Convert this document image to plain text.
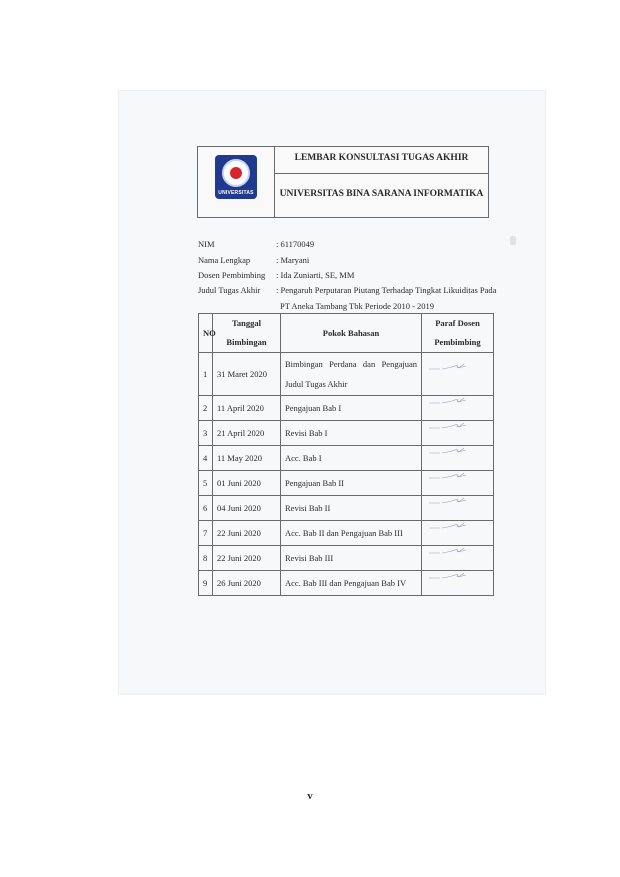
UNIVERSITAS
LEMBAR KONSULTASI TUGAS AKHIR
UNIVERSITAS BINA SARANA INFORMATIKA
NIM	: 61170049
Nama Lengkap	: Maryani
Dosen Pembimbing	: Ida Zuniarti, SE, MM
Judul Tugas Akhir	: Pengaruh Perputaran Piutang Terhadap Tingkat Likuiditas Pada
PT Aneka Tambang Tbk Periode 2010 - 2019
NO	Tanggal Bimbingan	Pokok Bahasan	Paraf Dosen Pembimbing
1	31 Maret 2020	Bimbingan Perdana dan Pengajuan Judul Tugas Akhir	

2	11 April 2020	Pengajuan Bab I	

3	21 April 2020	Revisi Bab I	

4	11 May 2020	Acc. Bab I	

5	01 Juni 2020	Pengajuan Bab II	

6	04 Juni 2020	Revisi Bab II	

7	22 Juni 2020	Acc. Bab II dan Pengajuan Bab III	

8	22 Juni 2020	Revisi Bab III	

9	26 Juni 2020	Acc. Bab III dan Pengajuan Bab IV	
v
